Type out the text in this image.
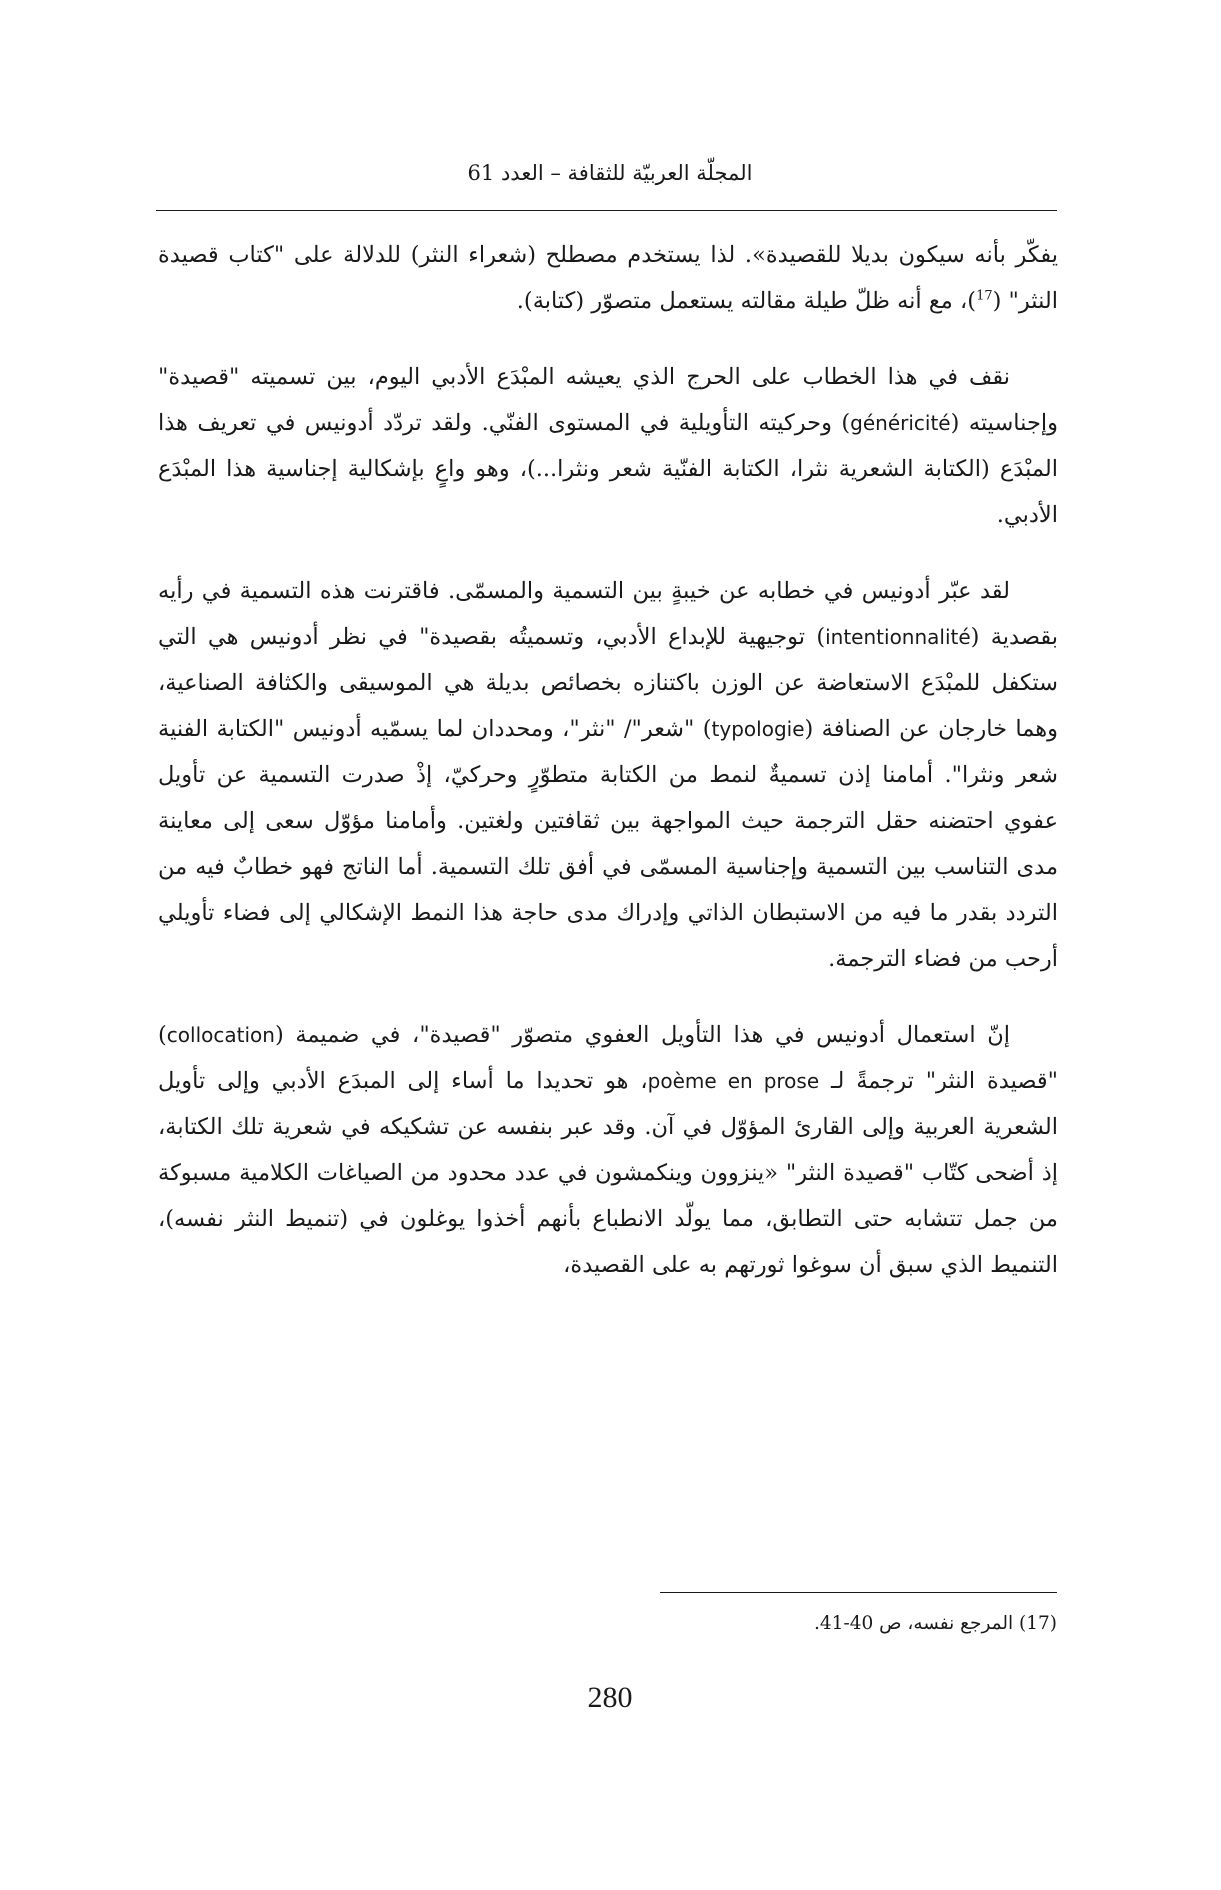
المجلّة العربيّة للثقافة – العدد 61

يفكّر بأنه سيكون بديلا للقصيدة». لذا يستخدم مصطلح (شعراء النثر) للدلالة على "كتاب قصيدة النثر" ($^{17}$)، مع أنه ظلّ طيلة مقالته يستعمل متصوّر (كتابة).

نقف في هذا الخطاب على الحرج الذي يعيشه المبْدَع الأدبي اليوم، بين تسميته "قصيدة" وإجناسيته (généricité) وحركيته التأويلية في المستوى الفنّي. ولقد تردّد أدونيس في تعريف هذا المبْدَع (الكتابة الشعرية نثرا، الكتابة الفنّية شعر ونثرا...)، وهو واعٍ بإشكالية إجناسية هذا المبْدَع الأدبي.

لقد عبّر أدونيس في خطابه عن خيبةٍ بين التسمية والمسمّى. فاقترنت هذه التسمية في رأيه بقصدية (intentionnalité) توجيهية للإبداع الأدبي، وتسميتُه بقصيدة" في نظر أدونيس هي التي ستكفل للمبْدَع الاستعاضة عن الوزن باكتنازه بخصائص بديلة هي الموسيقى والكثافة الصناعية، وهما خارجان عن الصنافة (typologie) "شعر"/ "نثر"، ومحددان لما يسمّيه أدونيس "الكتابة الفنية شعر ونثرا". أمامنا إذن تسميةٌ لنمط من الكتابة متطوّرٍ وحركيّ، إذْ صدرت التسمية عن تأويل عفوي احتضنه حقل الترجمة حيث المواجهة بين ثقافتين ولغتين. وأمامنا مؤوّل سعى إلى معاينة مدى التناسب بين التسمية وإجناسية المسمّى في أفق تلك التسمية. أما الناتج فهو خطابٌ فيه من التردد بقدر ما فيه من الاستبطان الذاتي وإدراك مدى حاجة هذا النمط الإشكالي إلى فضاء تأويلي أرحب من فضاء الترجمة.

إنّ استعمال أدونيس في هذا التأويل العفوي متصوّر "قصيدة"، في ضميمة (collocation) "قصيدة النثر" ترجمةً لـ poème en prose، هو تحديدا ما أساء إلى المبدَع الأدبي وإلى تأويل الشعرية العربية وإلى القارئ المؤوّل في آن. وقد عبر بنفسه عن تشكيكه في شعرية تلك الكتابة، إذ أضحى كتّاب "قصيدة النثر" «ينزوون وينكمشون في عدد محدود من الصياغات الكلامية مسبوكة من جمل تتشابه حتى التطابق، مما يولّد الانطباع بأنهم أخذوا يوغلون في (تنميط النثر نفسه)، التنميط الذي سبق أن سوغوا ثورتهم به على القصيدة،

(17) المرجع نفسه، ص 40-41.
280
